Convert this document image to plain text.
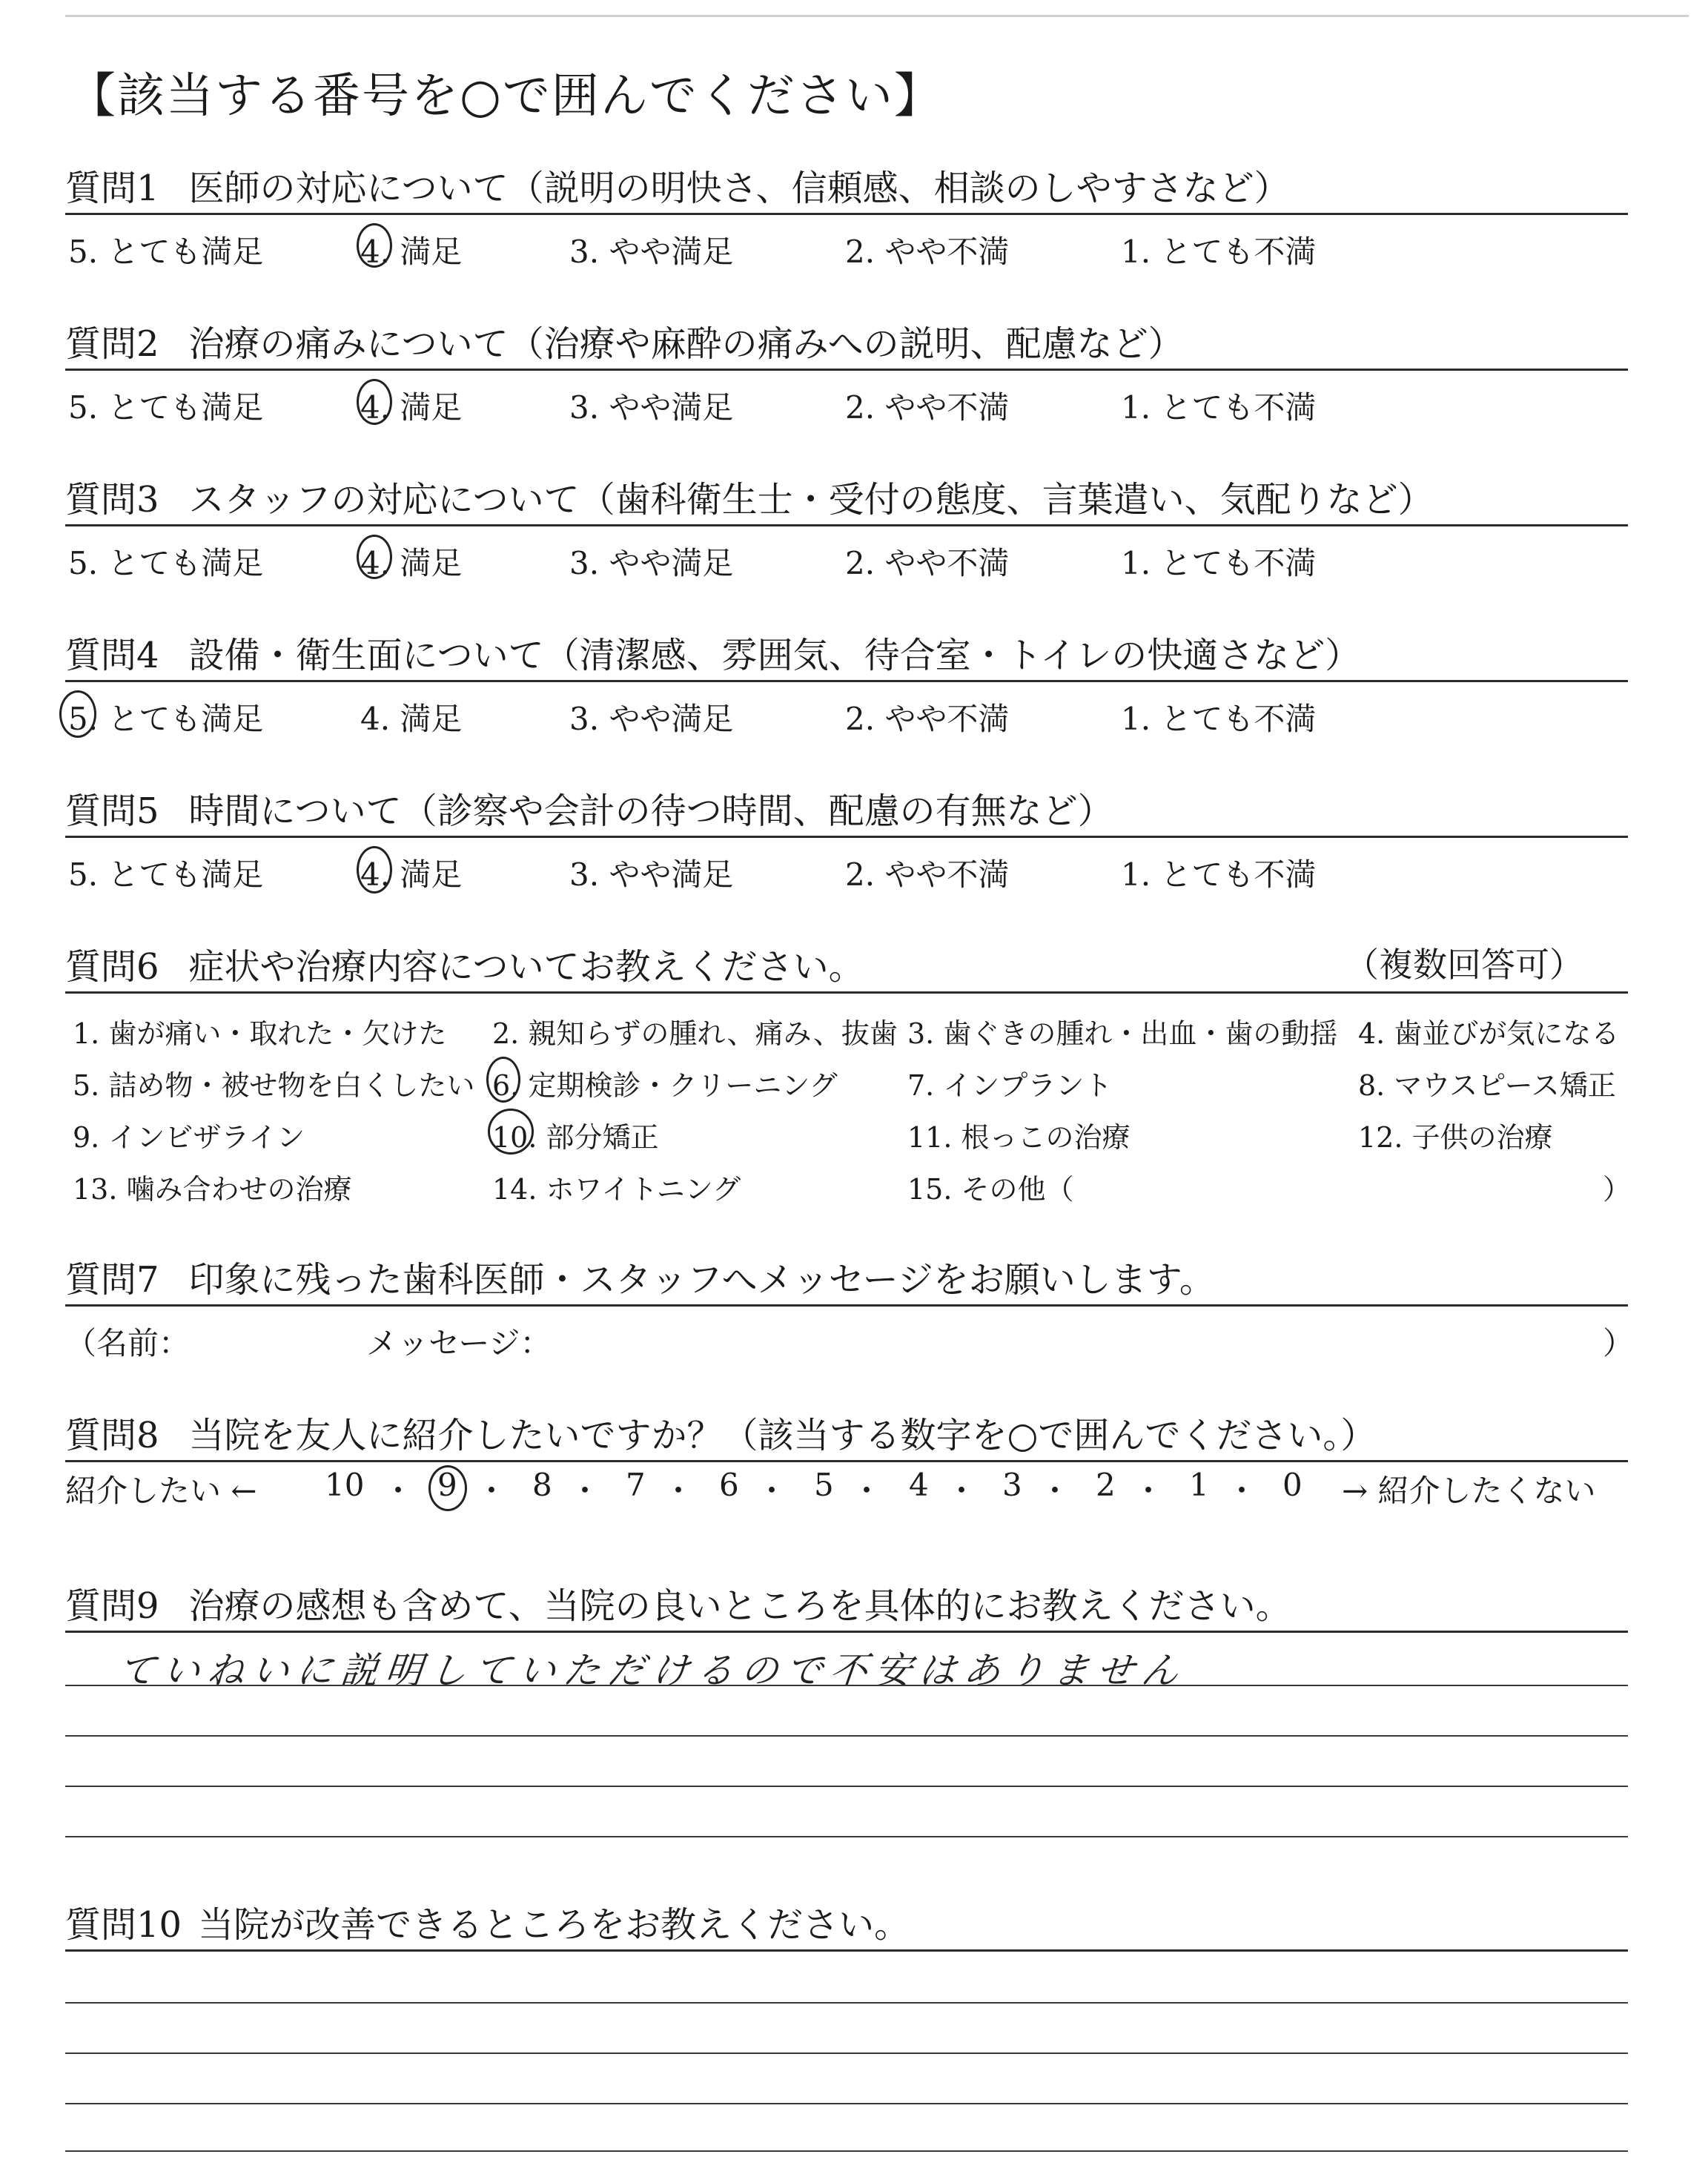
【該当する番号を○で囲んでください】
質問1 医師の対応について（説明の明快さ、信頼感、相談のしやすさなど）
5. とても満足	4. 満足	3. やや満足	2. やや不満	1. とても不満
質問2 治療の痛みについて（治療や麻酔の痛みへの説明、配慮など）
5. とても満足	4. 満足	3. やや満足	2. やや不満	1. とても不満
質問3 スタッフの対応について（歯科衛生士・受付の態度、言葉遣い、気配りなど）
5. とても満足	4. 満足	3. やや満足	2. やや不満	1. とても不満
質問4 設備・衛生面について（清潔感、雰囲気、待合室・トイレの快適さなど）
5. とても満足	4. 満足	3. やや満足	2. やや不満	1. とても不満
質問5 時間について（診察や会計の待つ時間、配慮の有無など）
5. とても満足	4. 満足	3. やや満足	2. やや不満	1. とても不満
質問6 症状や治療内容についてお教えください。	（複数回答可）
1. 歯が痛い・取れた・欠けた 2. 親知らずの腫れ、痛み、抜歯 3. 歯ぐきの腫れ・出血・歯の動揺 4. 歯並びが気になる
5. 詰め物・被せ物を白くしたい 6. 定期検診・クリーニング 7. インプラント	8. マウスピース矯正
9. インビザライン	10. 部分矯正	11. 根っこの治療	12. 子供の治療
13. 噛み合わせの治療	14. ホワイトニング	15. その他（	）
質問7 印象に残った歯科医師・スタッフへメッセージをお願いします。
（名前：	メッセージ：	）
質問8 当院を友人に紹介したいですか？（該当する数字を○で囲んでください。）
紹介したい ← 10 ・ 9 ・ 8 ・ 7 ・ 6 ・ 5 ・ 4 ・ 3 ・ 2 ・ 1 ・ 0 → 紹介したくない
質問9 治療の感想も含めて、当院の良いところを具体的にお教えください。
ていねいに説明していただけるので不安はありません
質問10 当院が改善できるところをお教えください。
